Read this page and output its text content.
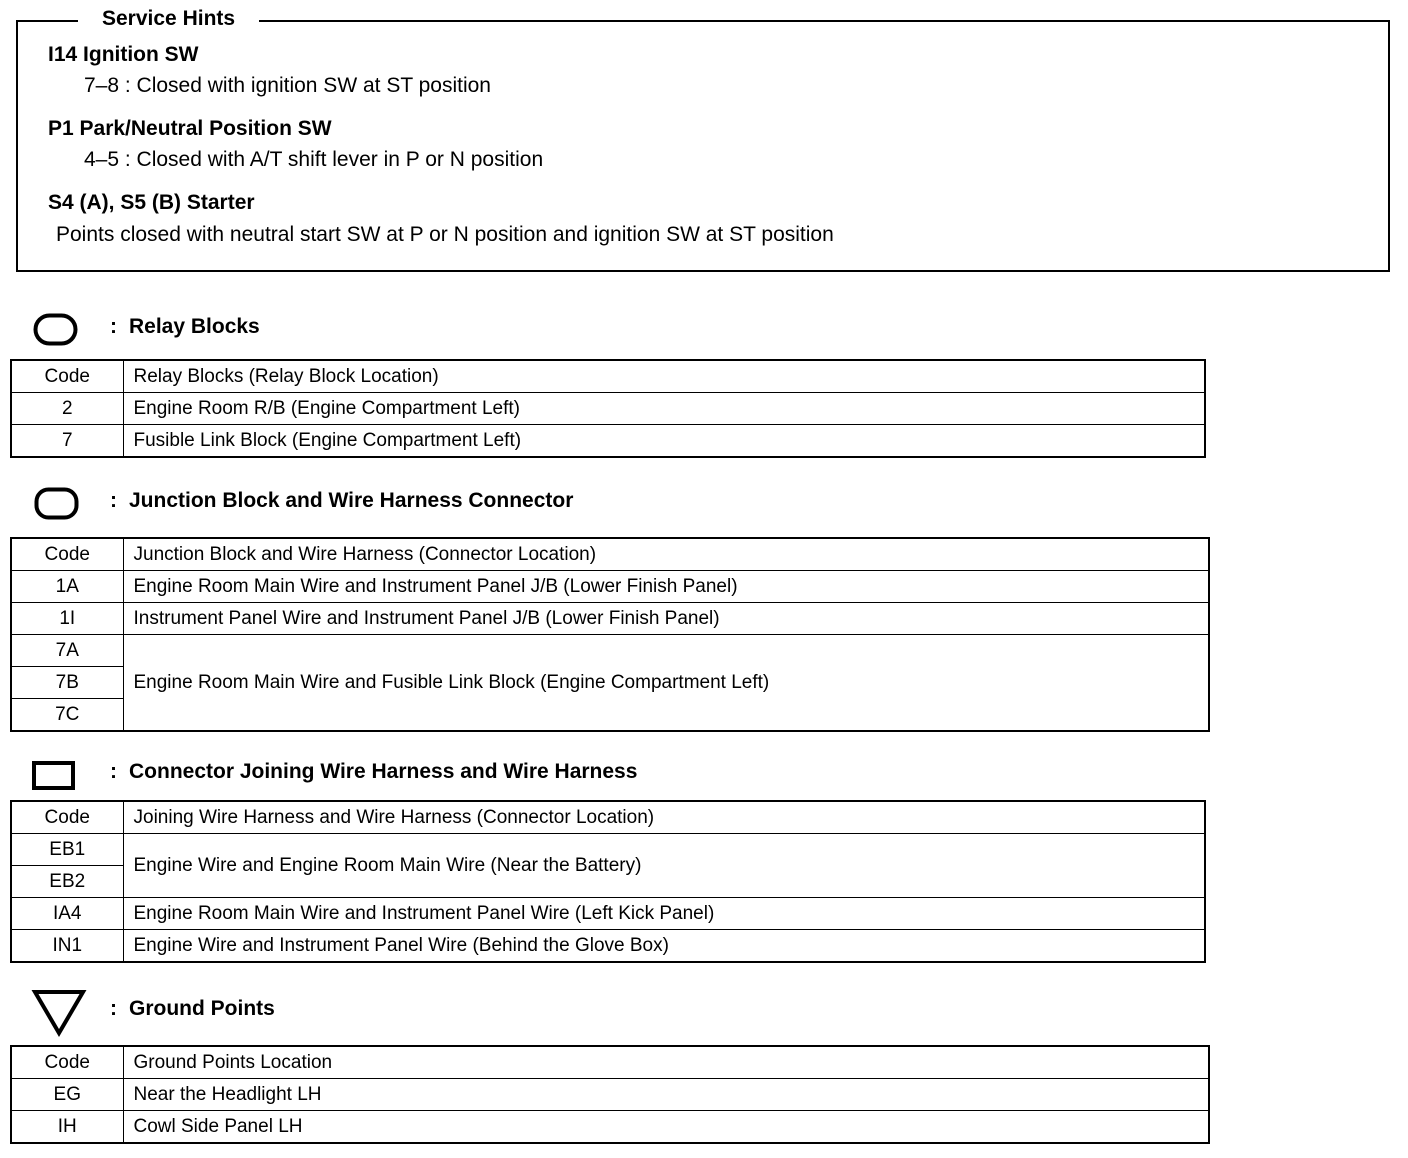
Service Hints
I14 Ignition SW
7–8 : Closed with ignition SW at ST position
P1 Park/Neutral Position SW
4–5 : Closed with A/T shift lever in P or N position
S4 (A), S5 (B) Starter
Points closed with neutral start SW at P or N position and ignition SW at ST position
: Relay Blocks
Code	Relay Blocks (Relay Block Location)
2	Engine Room R/B (Engine Compartment Left)
7	Fusible Link Block (Engine Compartment Left)
: Junction Block and Wire Harness Connector
Code	Junction Block and Wire Harness (Connector Location)
1A	Engine Room Main Wire and Instrument Panel J/B (Lower Finish Panel)
1I	Instrument Panel Wire and Instrument Panel J/B (Lower Finish Panel)
7A	Engine Room Main Wire and Fusible Link Block (Engine Compartment Left)
7B	
7C	
: Connector Joining Wire Harness and Wire Harness
Code	Joining Wire Harness and Wire Harness (Connector Location)
EB1	Engine Wire and Engine Room Main Wire (Near the Battery)
EB2	
IA4	Engine Room Main Wire and Instrument Panel Wire (Left Kick Panel)
IN1	Engine Wire and Instrument Panel Wire (Behind the Glove Box)
: Ground Points
Code	Ground Points Location
EG	Near the Headlight LH
IH	Cowl Side Panel LH
